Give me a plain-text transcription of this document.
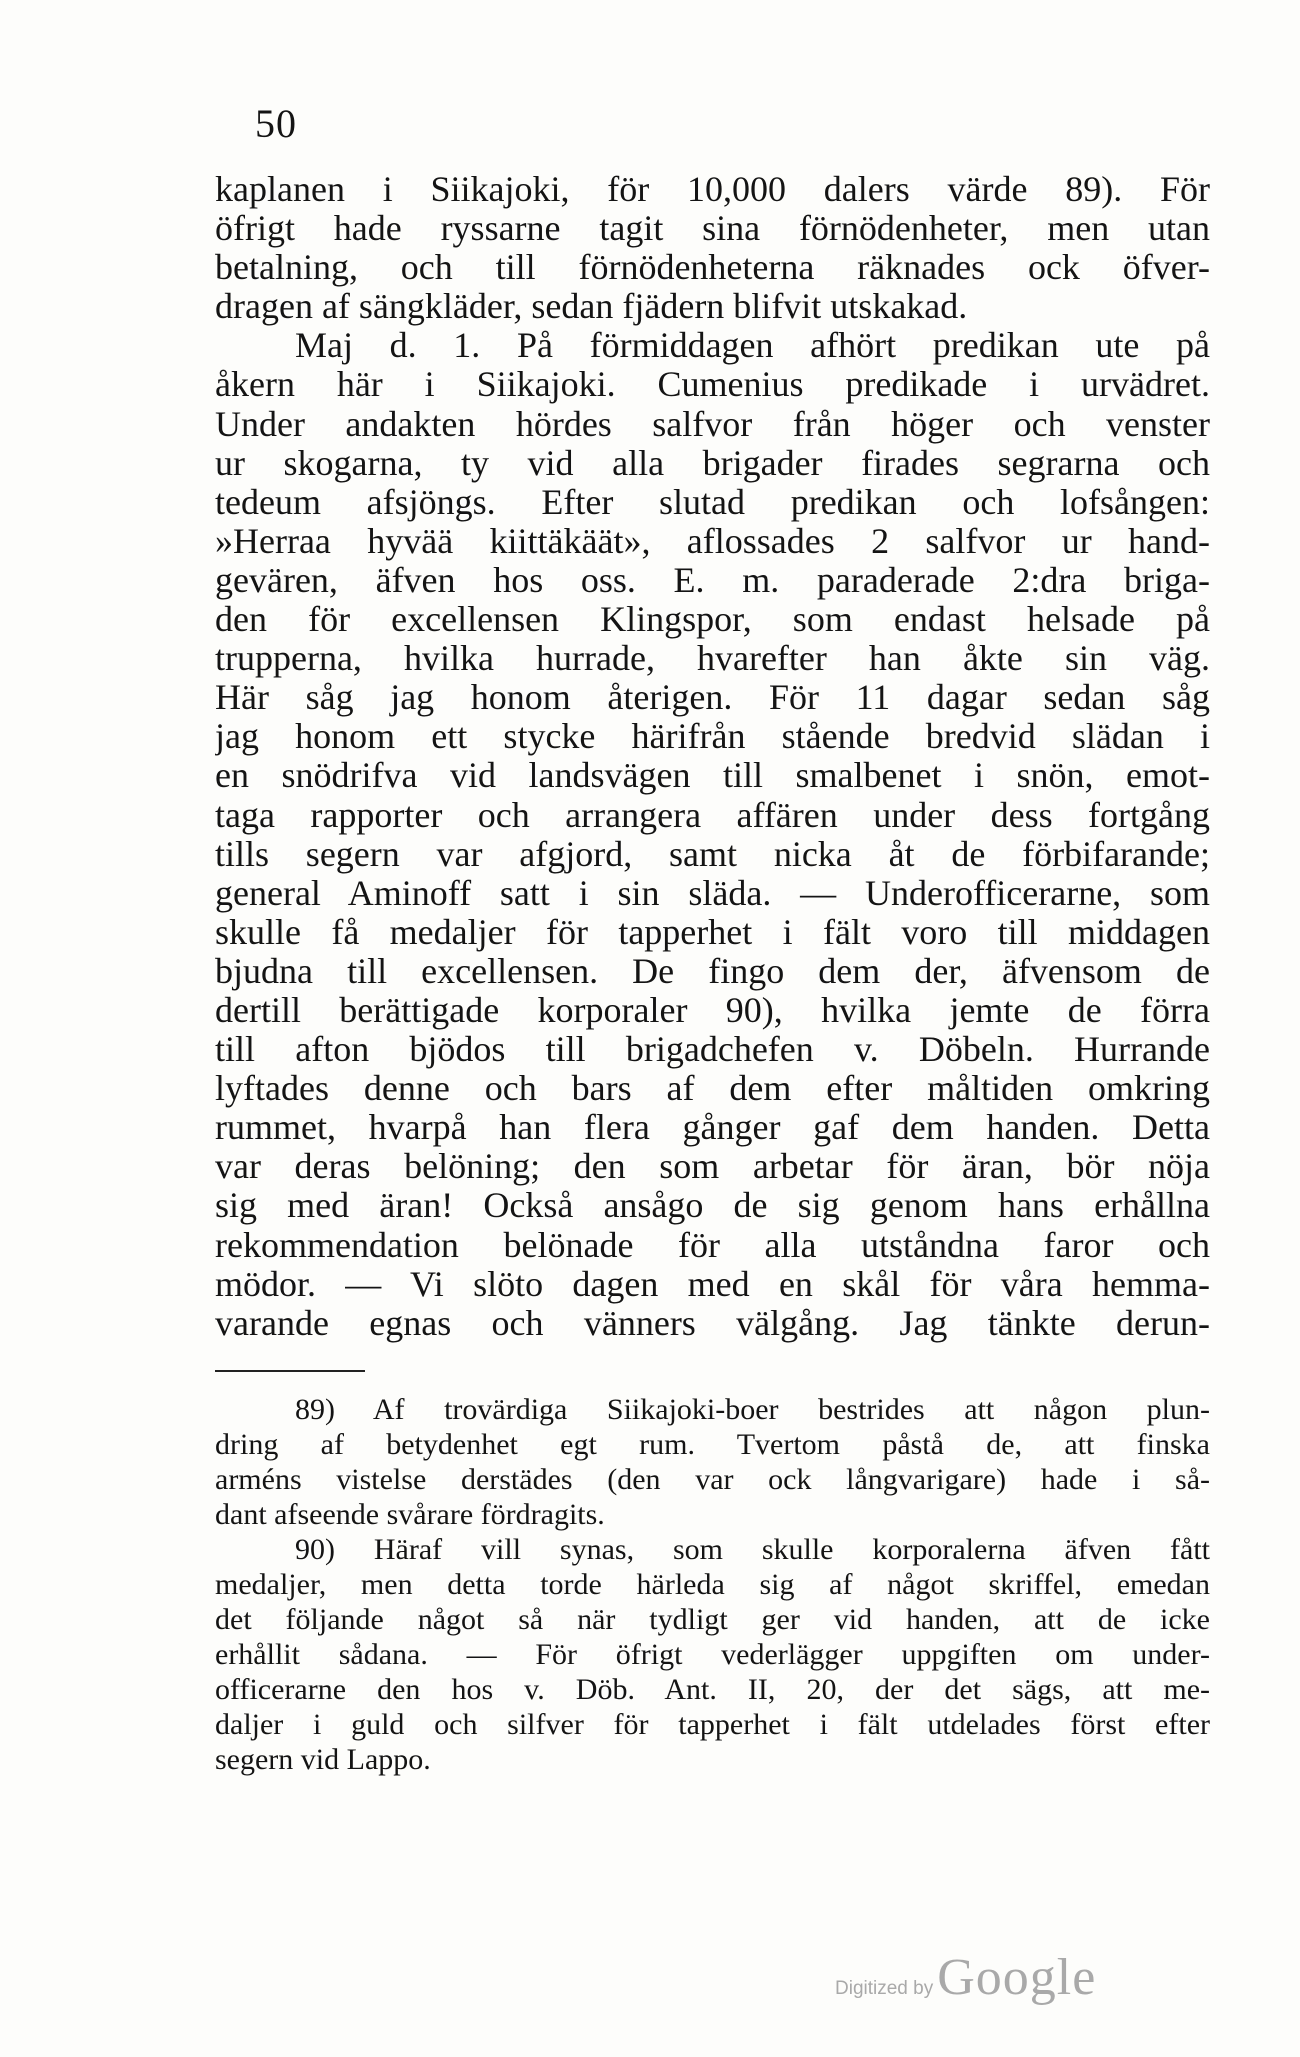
50
kaplanen i Siikajoki, för 10,000 dalers värde 89). För
öfrigt hade ryssarne tagit sina förnödenheter, men utan
betalning, och till förnödenheterna räknades ock öfver-
dragen af sängkläder, sedan fjädern blifvit utskakad.
Maj d. 1. På förmiddagen afhört predikan ute på
åkern här i Siikajoki. Cumenius predikade i urvädret.
Under andakten hördes salfvor från höger och venster
ur skogarna, ty vid alla brigader firades segrarna och
tedeum afsjöngs. Efter slutad predikan och lofsången:
»Herraa hyvää kiittäkäät», aflossades 2 salfvor ur hand-
gevären, äfven hos oss. E. m. paraderade 2:dra briga-
den för excellensen Klingspor, som endast helsade på
trupperna, hvilka hurrade, hvarefter han åkte sin väg.
Här såg jag honom återigen. För 11 dagar sedan såg
jag honom ett stycke härifrån stående bredvid slädan i
en snödrifva vid landsvägen till smalbenet i snön, emot-
taga rapporter och arrangera affären under dess fortgång
tills segern var afgjord, samt nicka åt de förbifarande;
general Aminoff satt i sin släda. — Underofficerarne, som
skulle få medaljer för tapperhet i fält voro till middagen
bjudna till excellensen. De fingo dem der, äfvensom de
dertill berättigade korporaler 90), hvilka jemte de förra
till afton bjödos till brigadchefen v. Döbeln. Hurrande
lyftades denne och bars af dem efter måltiden omkring
rummet, hvarpå han flera gånger gaf dem handen. Detta
var deras belöning; den som arbetar för äran, bör nöja
sig med äran! Också ansågo de sig genom hans erhållna
rekommendation belönade för alla utståndna faror och
mödor. — Vi slöto dagen med en skål för våra hemma-
varande egnas och vänners välgång. Jag tänkte derun-
89) Af trovärdiga Siikajoki-boer bestrides att någon plun-
dring af betydenhet egt rum. Tvertom påstå de, att finska
arméns vistelse derstädes (den var ock långvarigare) hade i så-
dant afseende svårare fördragits.
90) Häraf vill synas, som skulle korporalerna äfven fått
medaljer, men detta torde härleda sig af något skriffel, emedan
det följande något så när tydligt ger vid handen, att de icke
erhållit sådana. — För öfrigt vederlägger uppgiften om under-
officerarne den hos v. Döb. Ant. II, 20, der det sägs, att me-
daljer i guld och silfver för tapperhet i fält utdelades först efter
segern vid Lappo.
Digitized by Google
